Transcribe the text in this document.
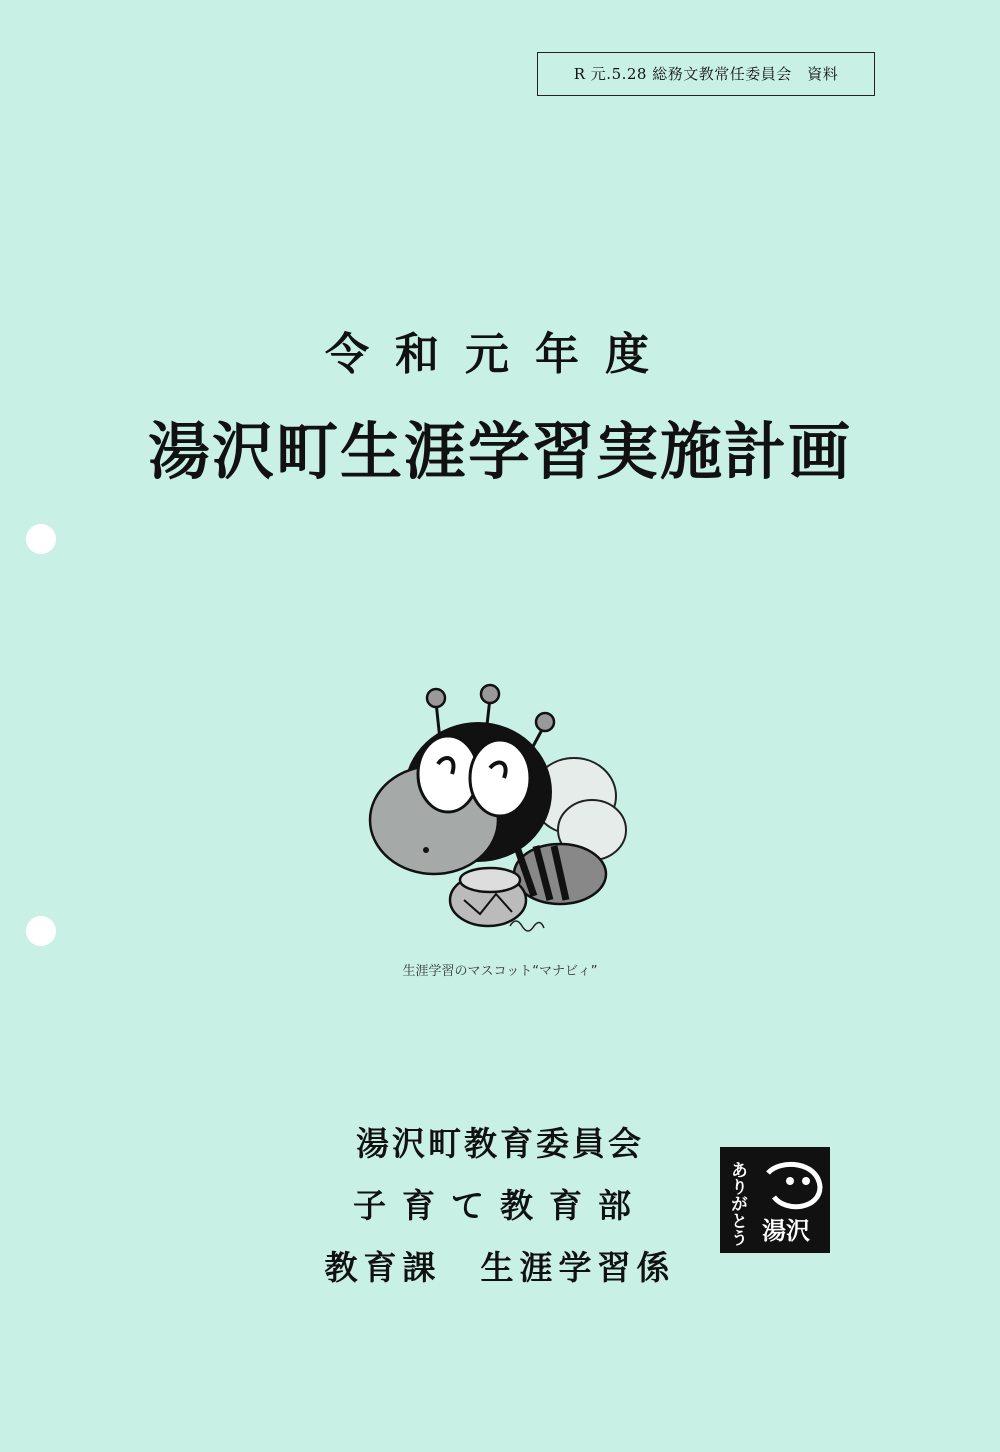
R 元.5.28 総務文教常任委員会　資料
令和元年度
湯沢町生涯学習実施計画
生涯学習のマスコット“マナビィ”
湯沢町教育委員会
子育て教育部
教育課　生涯学習係
ありがとう 湯沢
